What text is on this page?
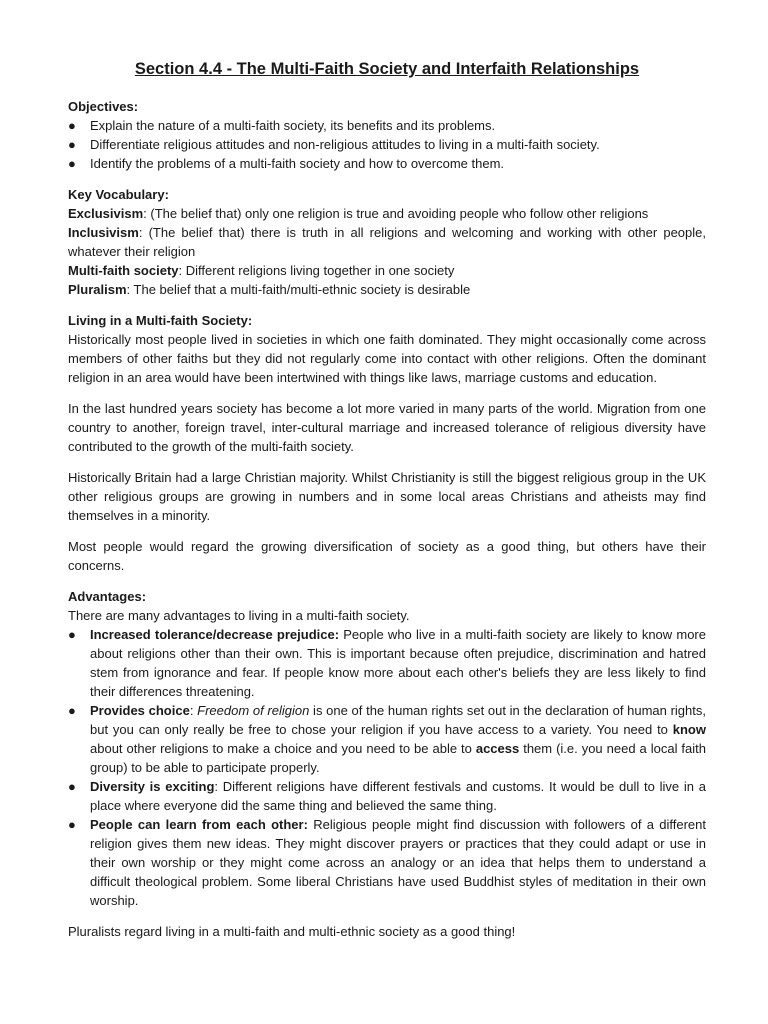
Section 4.4 - The Multi-Faith Society and Interfaith Relationships

Objectives:

● Explain the nature of a multi-faith society, its benefits and its problems.
● Differentiate religious attitudes and non-religious attitudes to living in a multi-faith society.
● Identify the problems of a multi-faith society and how to overcome them.

Key Vocabulary:

Exclusivism: (The belief that) only one religion is true and avoiding people who follow other religions

Inclusivism: (The belief that) there is truth in all religions and welcoming and working with other people, whatever their religion

Multi-faith society: Different religions living together in one society

Pluralism: The belief that a multi-faith/multi-ethnic society is desirable

Living in a Multi-faith Society:

Historically most people lived in societies in which one faith dominated. They might occasionally come across members of other faiths but they did not regularly come into contact with other religions. Often the dominant religion in an area would have been intertwined with things like laws, marriage customs and education.

In the last hundred years society has become a lot more varied in many parts of the world. Migration from one country to another, foreign travel, inter-cultural marriage and increased tolerance of religious diversity have contributed to the growth of the multi-faith society.

Historically Britain had a large Christian majority. Whilst Christianity is still the biggest religious group in the UK other religious groups are growing in numbers and in some local areas Christians and atheists may find themselves in a minority.

Most people would regard the growing diversification of society as a good thing, but others have their concerns.

Advantages:

There are many advantages to living in a multi-faith society.

● Increased tolerance/decrease prejudice: People who live in a multi-faith society are likely to know more about religions other than their own. This is important because often prejudice, discrimination and hatred stem from ignorance and fear. If people know more about each other's beliefs they are less likely to find their differences threatening.
● Provides choice: Freedom of religion is one of the human rights set out in the declaration of human rights, but you can only really be free to chose your religion if you have access to a variety. You need to know about other religions to make a choice and you need to be able to access them (i.e. you need a local faith group) to be able to participate properly.
● Diversity is exciting: Different religions have different festivals and customs. It would be dull to live in a place where everyone did the same thing and believed the same thing.
● People can learn from each other: Religious people might find discussion with followers of a different religion gives them new ideas. They might discover prayers or practices that they could adapt or use in their own worship or they might come across an analogy or an idea that helps them to understand a difficult theological problem. Some liberal Christians have used Buddhist styles of meditation in their own worship.

Pluralists regard living in a multi-faith and multi-ethnic society as a good thing!
